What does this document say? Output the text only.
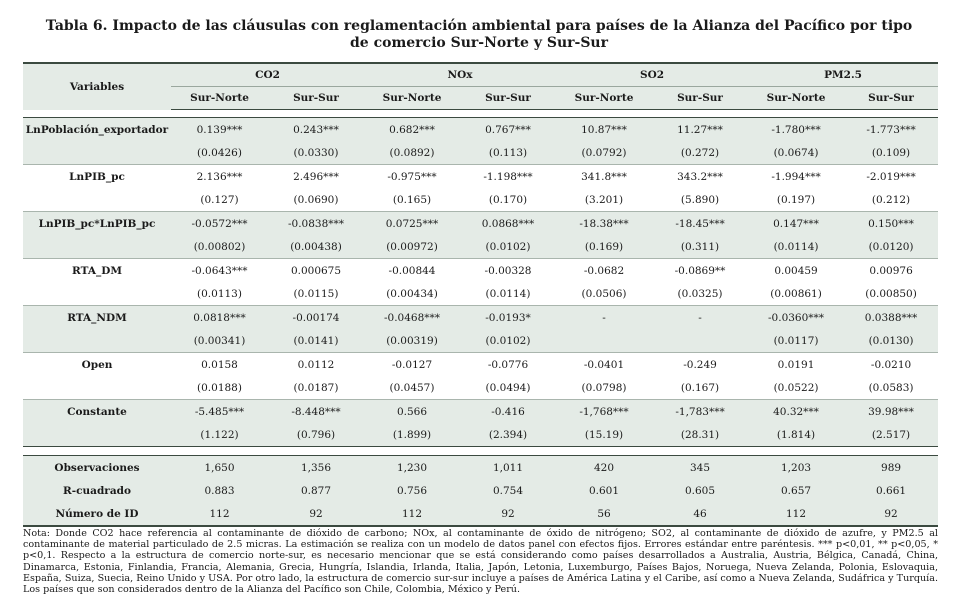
Tabla 6. Impacto de las cláusulas con reglamentación ambiental para países de la Alianza del Pacífico por tipo
de comercio Sur-Norte y Sur-Sur
Variables	CO2		NOx		SO2		PM2.5	
	Sur-Norte	Sur-Sur	Sur-Norte	Sur-Sur	Sur-Norte	Sur-Sur	Sur-Norte	Sur-Sur

LnPoblación_exportador	0.139***	0.243***	0.682***	0.767***	10.87***	11.27***	-1.780***	-1.773***
	(0.0426)	(0.0330)	(0.0892)	(0.113)	(0.0792)	(0.272)	(0.0674)	(0.109)
LnPIB_pc	2.136***	2.496***	-0.975***	-1.198***	341.8***	343.2***	-1.994***	-2.019***
	(0.127)	(0.0690)	(0.165)	(0.170)	(3.201)	(5.890)	(0.197)	(0.212)
LnPIB_pc*LnPIB_pc	-0.0572***	-0.0838***	0.0725***	0.0868***	-18.38***	-18.45***	0.147***	0.150***
	(0.00802)	(0.00438)	(0.00972)	(0.0102)	(0.169)	(0.311)	(0.0114)	(0.0120)
RTA_DM	-0.0643***	0.000675	-0.00844	-0.00328	-0.0682	-0.0869**	0.00459	0.00976
	(0.0113)	(0.0115)	(0.00434)	(0.0114)	(0.0506)	(0.0325)	(0.00861)	(0.00850)
RTA_NDM	0.0818***	-0.00174	-0.0468***	-0.0193*	-	-	-0.0360***	0.0388***
	(0.00341)	(0.0141)	(0.00319)	(0.0102)			(0.0117)	(0.0130)
Open	0.0158	0.0112	-0.0127	-0.0776	-0.0401	-0.249	0.0191	-0.0210
	(0.0188)	(0.0187)	(0.0457)	(0.0494)	(0.0798)	(0.167)	(0.0522)	(0.0583)
Constante	-5.485***	-8.448***	0.566	-0.416	-1,768***	-1,783***	40.32***	39.98***
	(1.122)	(0.796)	(1.899)	(2.394)	(15.19)	(28.31)	(1.814)	(2.517)

Observaciones	1,650	1,356	1,230	1,011	420	345	1,203	989
R-cuadrado	0.883	0.877	0.756	0.754	0.601	0.605	0.657	0.661
Número de ID	112	92	112	92	56	46	112	92
Nota: Donde CO2 hace referencia al contaminante de dióxido de carbono; NOx, al contaminante de óxido de nitrógeno; SO2, al contaminante de dióxido de azufre, y PM2.5 al contaminante de material particulado de 2.5 micras. La estimación se realiza con un modelo de datos panel con efectos fijos. Errores estándar entre paréntesis. *** p<0,01, ** p<0,05, * p<0,1. Respecto a la estructura de comercio norte-sur, es necesario mencionar que se está considerando como países desarrollados a Australia, Austria, Bélgica, Canadá, China, Dinamarca, Estonia, Finlandia, Francia, Alemania, Grecia, Hungría, Islandia, Irlanda, Italia, Japón, Letonia, Luxemburgo, Países Bajos, Noruega, Nueva Zelanda, Polonia, Eslovaquia, España, Suiza, Suecia, Reino Unido y USA. Por otro lado, la estructura de comercio sur-sur incluye a países de América Latina y el Caribe, así como a Nueva Zelanda, Sudáfrica y Turquía. Los países que son considerados dentro de la Alianza del Pacífico son Chile, Colombia, México y Perú.
